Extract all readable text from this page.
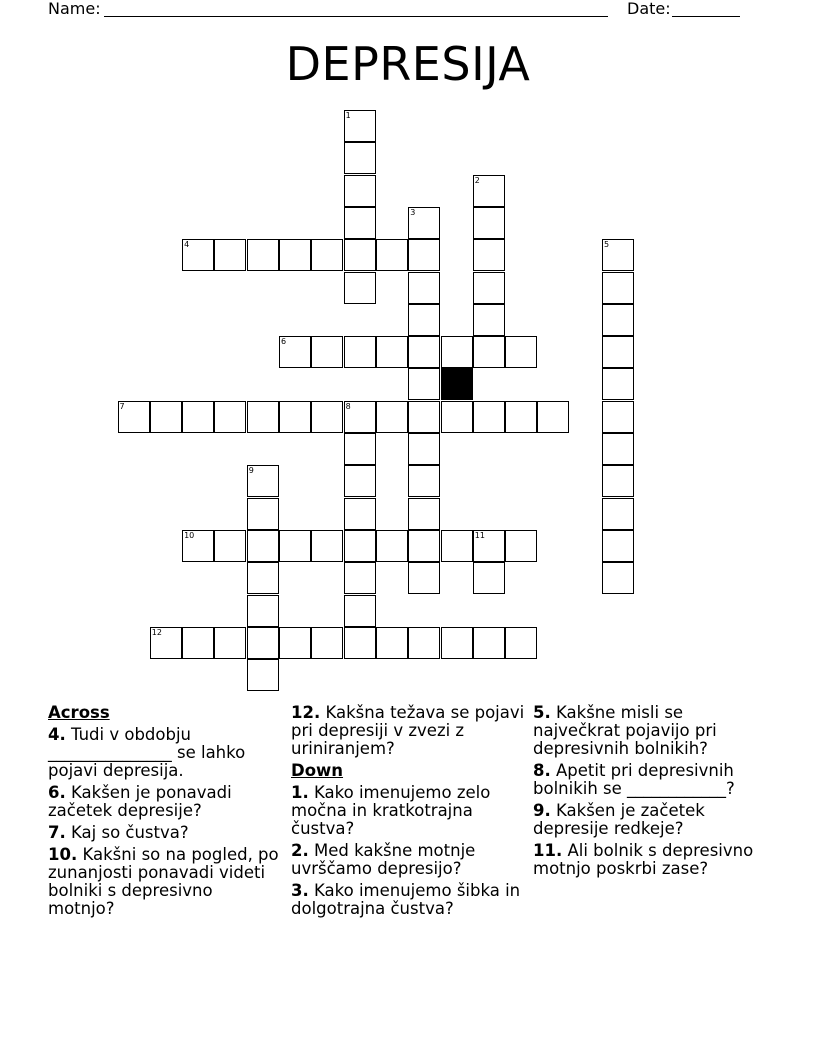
Name:	Date:
DEPRESIJA
1
2
3
4	5
6
7	8
9
10	11
12
Across

4. Tudi v obdobju _______________ se lahko pojavi depresija.

6. Kakšen je ponavadi začetek depresije?

7. Kaj so čustva?

10. Kakšni so na pogled, po zunanjosti ponavadi videti bolniki s depresivno motnjo?

12. Kakšna težava se pojavi pri depresiji v zvezi z uriniranjem?

Down

1. Kako imenujemo zelo močna in kratkotrajna čustva?

2. Med kakšne motnje uvrščamo depresijo?

3. Kako imenujemo šibka in dolgotrajna čustva?

5. Kakšne misli se največkrat pojavijo pri depresivnih bolnikih?

8. Apetit pri depresivnih bolnikih se ____________?

9. Kakšen je začetek depresije redkeje?

11. Ali bolnik s depresivno motnjo poskrbi zase?
